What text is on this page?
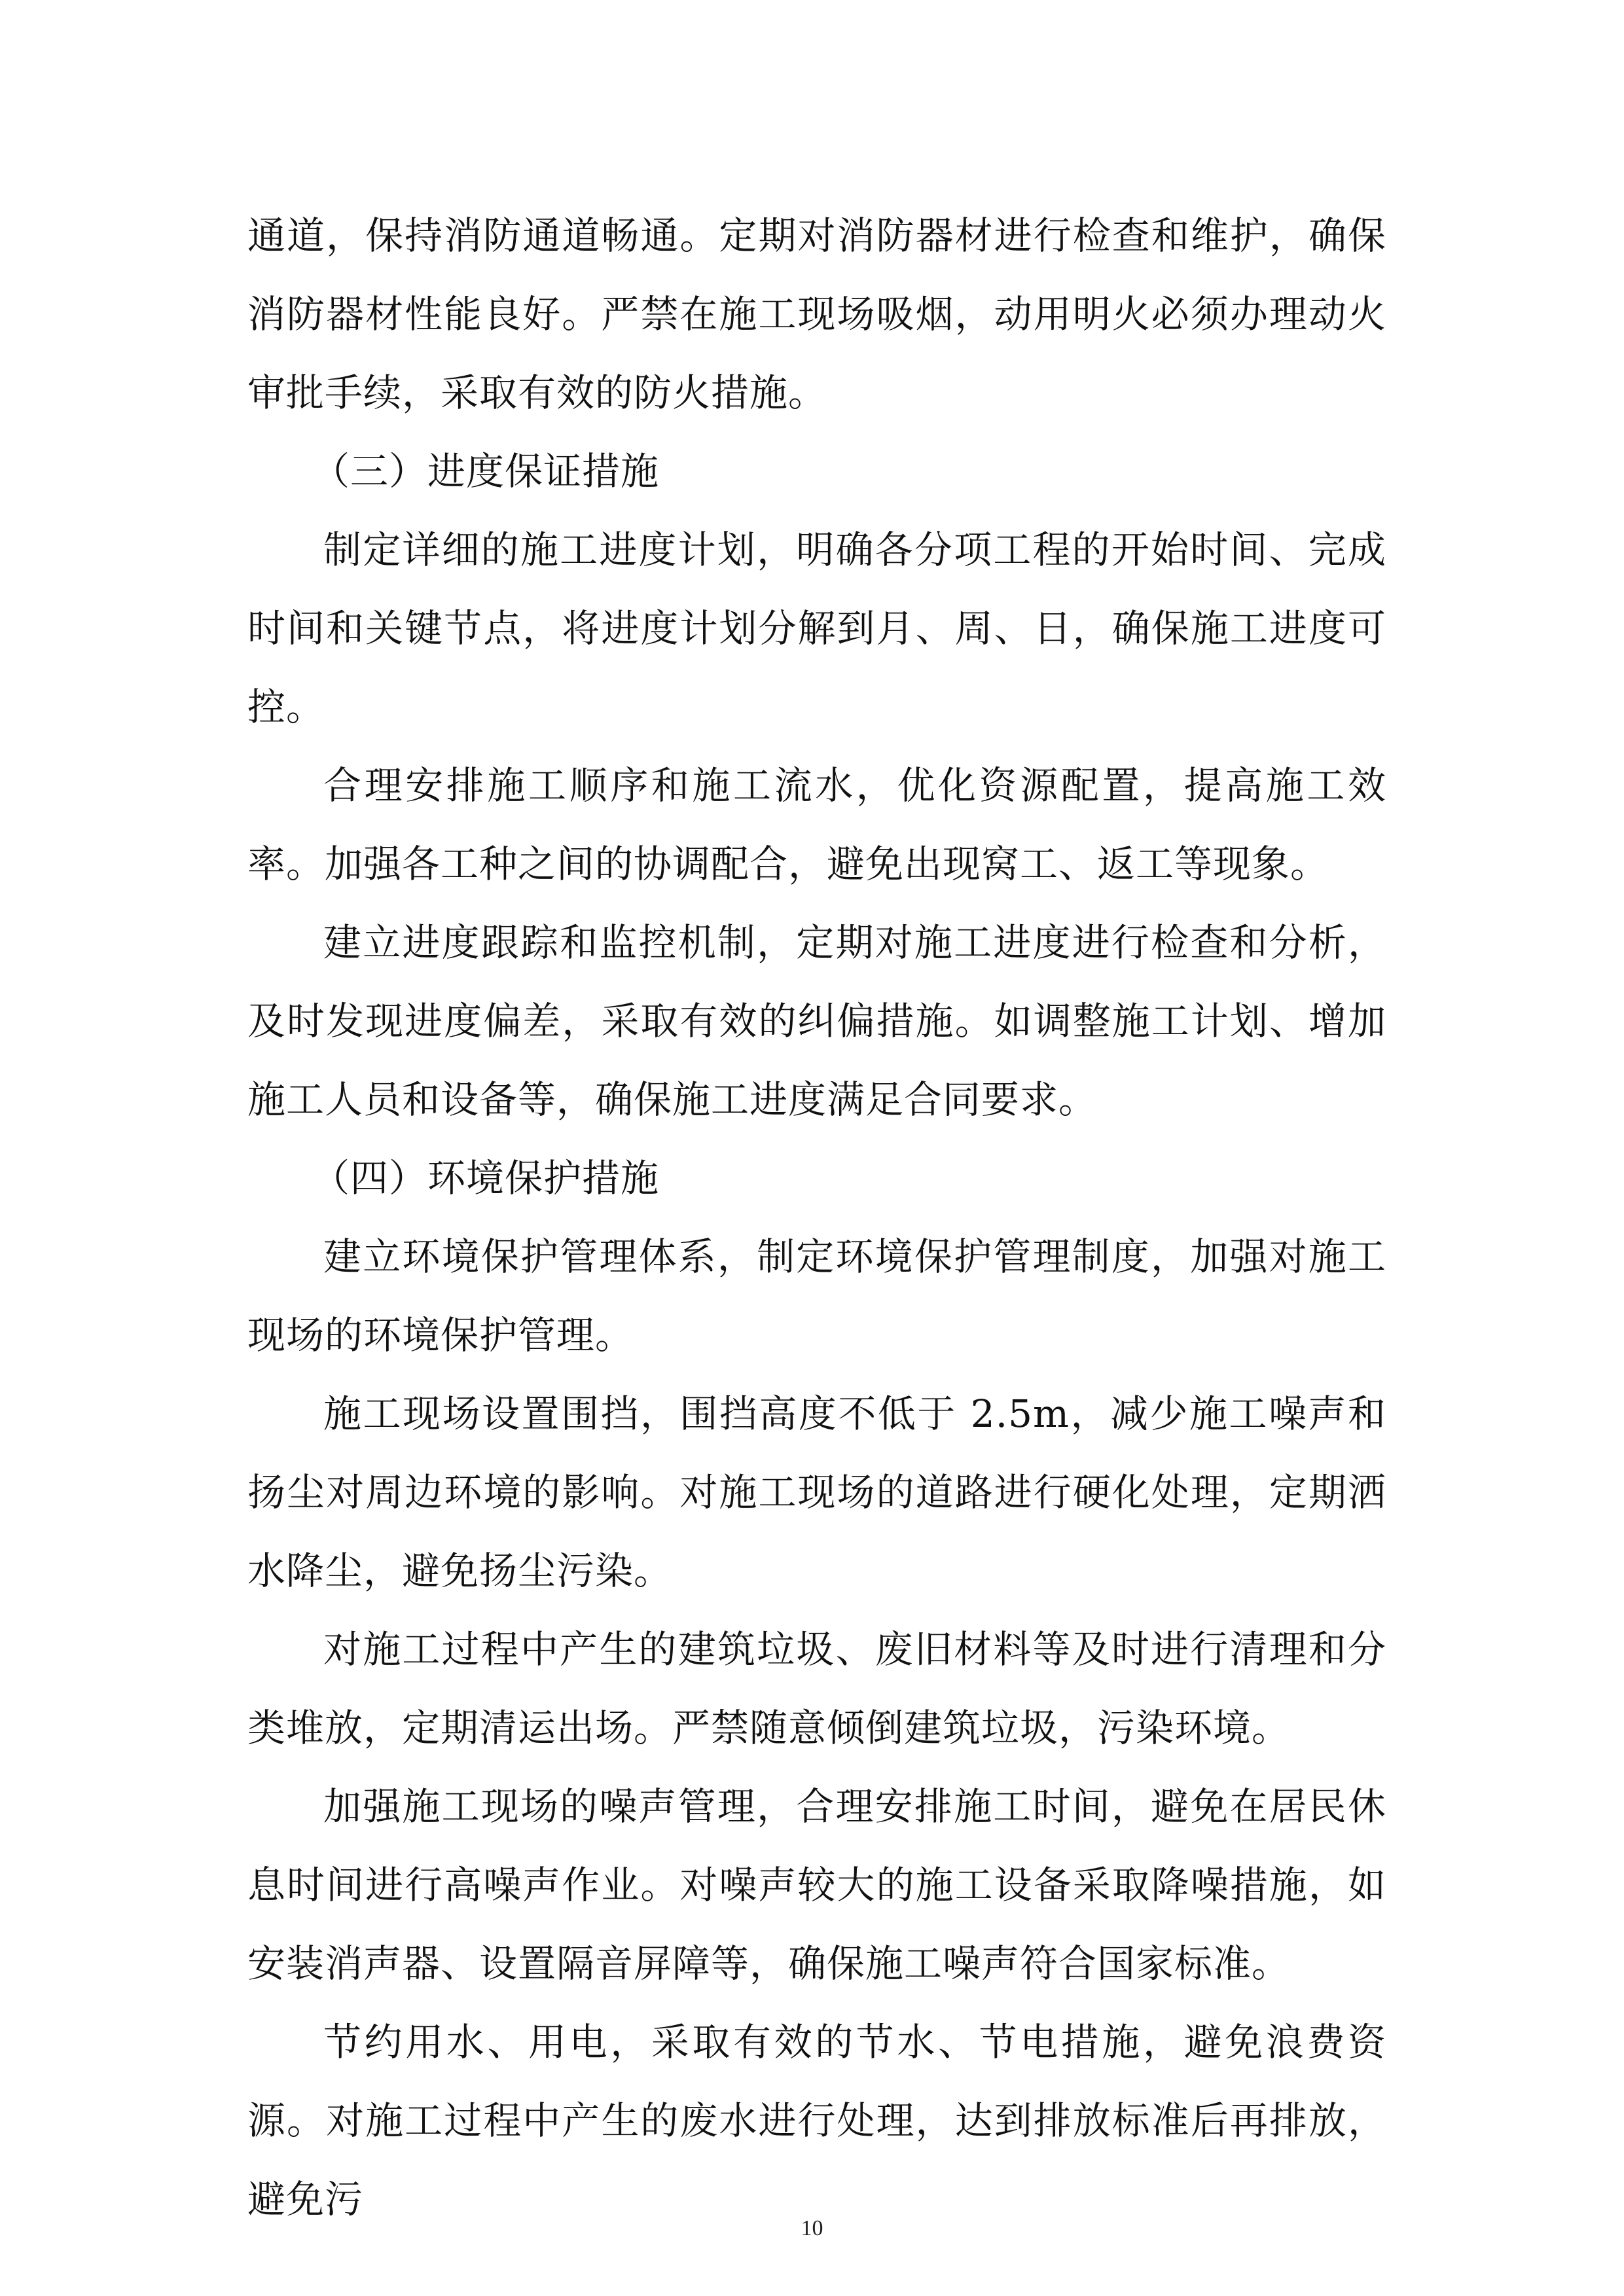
通道，保持消防通道畅通。定期对消防器材进行检查和维护，确保消防器材性能良好。严禁在施工现场吸烟，动用明火必须办理动火审批手续，采取有效的防火措施。

（三）进度保证措施

制定详细的施工进度计划，明确各分项工程的开始时间、完成时间和关键节点，将进度计划分解到月、周、日，确保施工进度可控。

合理安排施工顺序和施工流水，优化资源配置，提高施工效率。加强各工种之间的协调配合，避免出现窝工、返工等现象。

建立进度跟踪和监控机制，定期对施工进度进行检查和分析，及时发现进度偏差，采取有效的纠偏措施。如调整施工计划、增加施工人员和设备等，确保施工进度满足合同要求。

（四）环境保护措施

建立环境保护管理体系，制定环境保护管理制度，加强对施工现场的环境保护管理。

施工现场设置围挡，围挡高度不低于 2.5m，减少施工噪声和扬尘对周边环境的影响。对施工现场的道路进行硬化处理，定期洒水降尘，避免扬尘污染。

对施工过程中产生的建筑垃圾、废旧材料等及时进行清理和分类堆放，定期清运出场。严禁随意倾倒建筑垃圾，污染环境。

加强施工现场的噪声管理，合理安排施工时间，避免在居民休息时间进行高噪声作业。对噪声较大的施工设备采取降噪措施，如安装消声器、设置隔音屏障等，确保施工噪声符合国家标准。

节约用水、用电，采取有效的节水、节电措施，避免浪费资源。对施工过程中产生的废水进行处理，达到排放标准后再排放，避免污

10
